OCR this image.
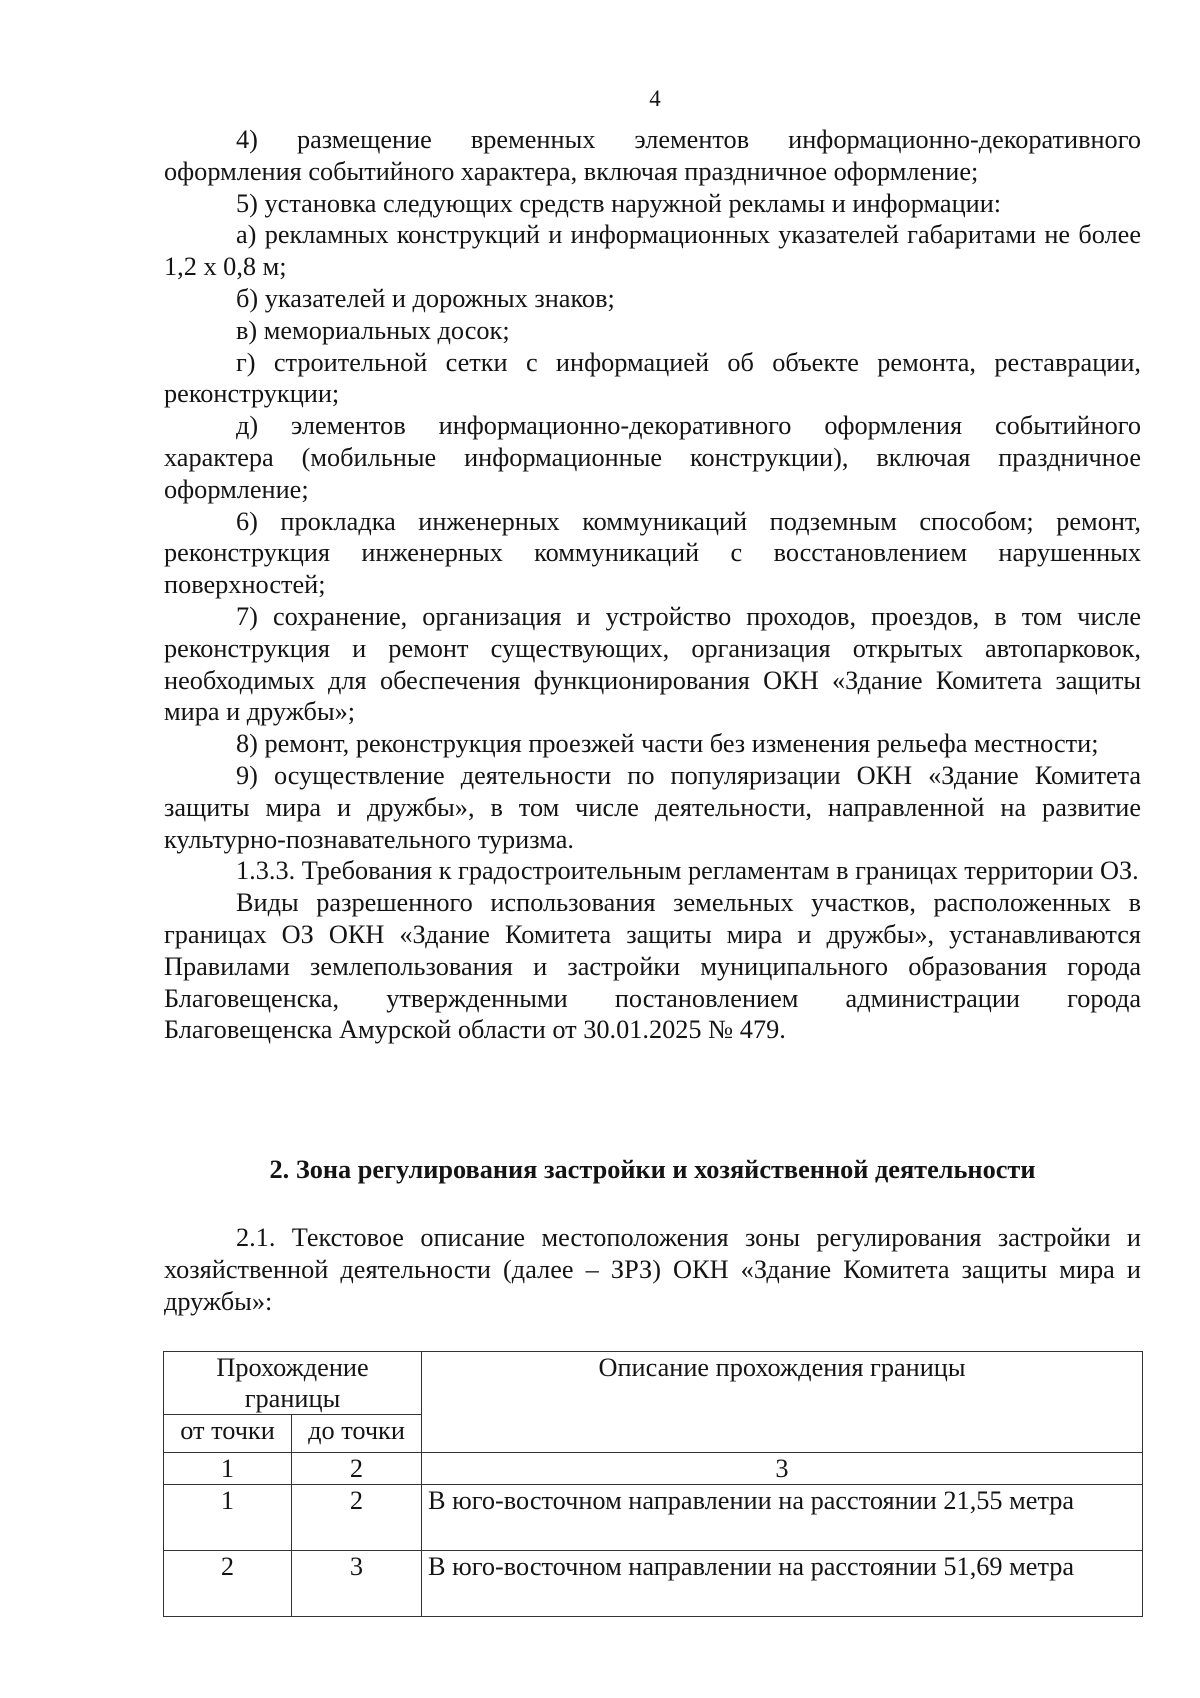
4

4) размещение временных элементов информационно-декоративного оформления событийного характера, включая праздничное оформление;

5) установка следующих средств наружной рекламы и информации:

а) рекламных конструкций и информационных указателей габаритами не более 1,2 х 0,8 м;

б) указателей и дорожных знаков;

в) мемориальных досок;

г) строительной сетки с информацией об объекте ремонта, реставрации, реконструкции;

д) элементов информационно-декоративного оформления событийного характера (мобильные информационные конструкции), включая праздничное оформление;

6) прокладка инженерных коммуникаций подземным способом; ремонт, реконструкция инженерных коммуникаций с восстановлением нарушенных поверхностей;

7) сохранение, организация и устройство проходов, проездов, в том числе реконструкция и ремонт существующих, организация открытых автопарковок, необходимых для обеспечения функционирования ОКН «Здание Комитета защиты мира и дружбы»;

8) ремонт, реконструкция проезжей части без изменения рельефа местности;

9) осуществление деятельности по популяризации ОКН «Здание Комитета защиты мира и дружбы», в том числе деятельности, направленной на развитие культурно-познавательного туризма.

1.3.3. Требования к градостроительным регламентам в границах территории ОЗ.

Виды разрешенного использования земельных участков, расположенных в границах ОЗ ОКН «Здание Комитета защиты мира и дружбы», устанавливаются Правилами землепользования и застройки муниципального образования города Благовещенска, утвержденными постановлением администрации города Благовещенска Амурской области от 30.01.2025 № 479.

2. Зона регулирования застройки и хозяйственной деятельности

2.1. Текстовое описание местоположения зоны регулирования застройки и хозяйственной деятельности (далее – ЗРЗ) ОКН «Здание Комитета защиты мира и дружбы»:

Прохождение границы		Описание прохождения границы
от точки	до точки	
1	2	3
1	2	В юго-восточном направлении на расстоянии 21,55 метра
2	3	В юго-восточном направлении на расстоянии 51,69 метра
